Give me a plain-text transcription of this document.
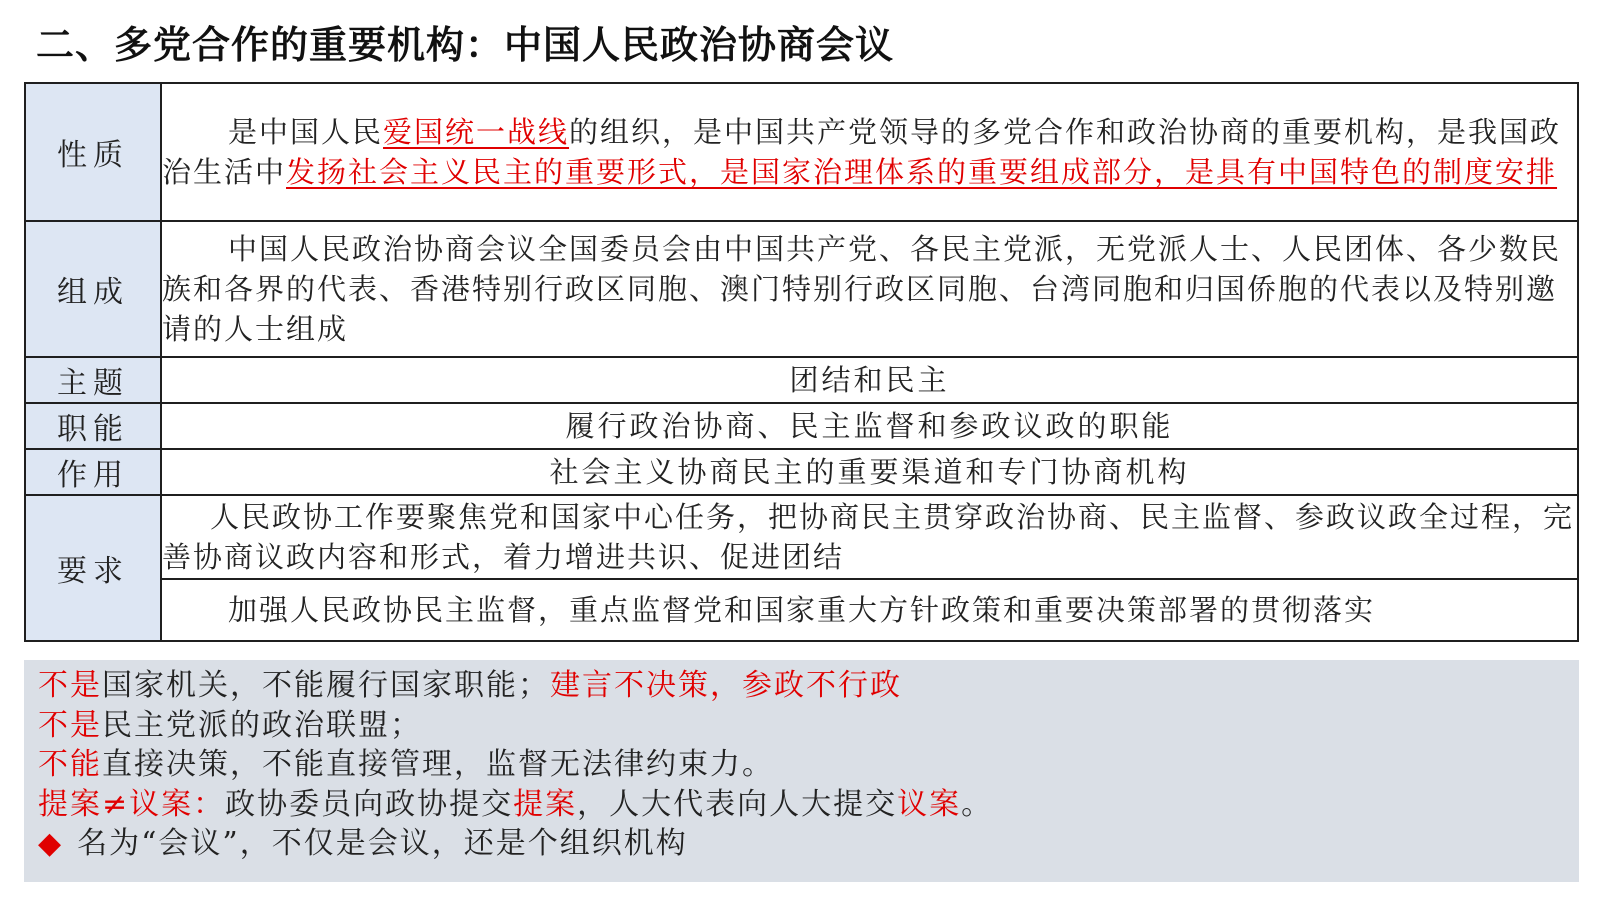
二、多党合作的重要机构：中国人民政治协商会议
性质	是中国人民爱国统一战线的组织，是中国共产党领导的多党合作和政治协商的重要机构，是我国政治生活中发扬社会主义民主的重要形式，是国家治理体系的重要组成部分，是具有中国特色的制度安排
组成	中国人民政治协商会议全国委员会由中国共产党、各民主党派，无党派人士、人民团体、各少数民族和各界的代表、香港特别行政区同胞、澳门特别行政区同胞、台湾同胞和归国侨胞的代表以及特别邀请的人士组成
主题	团结和民主
职能	履行政治协商、民主监督和参政议政的职能
作用	社会主义协商民主的重要渠道和专门协商机构
要求	人民政协工作要聚焦党和国家中心任务，把协商民主贯穿政治协商、民主监督、参政议政全过程，完善协商议政内容和形式，着力增进共识、促进团结
	加强人民政协民主监督，重点监督党和国家重大方针政策和重要决策部署的贯彻落实
不是国家机关，不能履行国家职能；建言不决策，参政不行政
不是民主党派的政治联盟；
不能直接决策，不能直接管理，监督无法律约束力。
提案≠议案：政协委员向政协提交提案，人大代表向人大提交议案。
◆ 名为“会议”，不仅是会议，还是个组织机构
